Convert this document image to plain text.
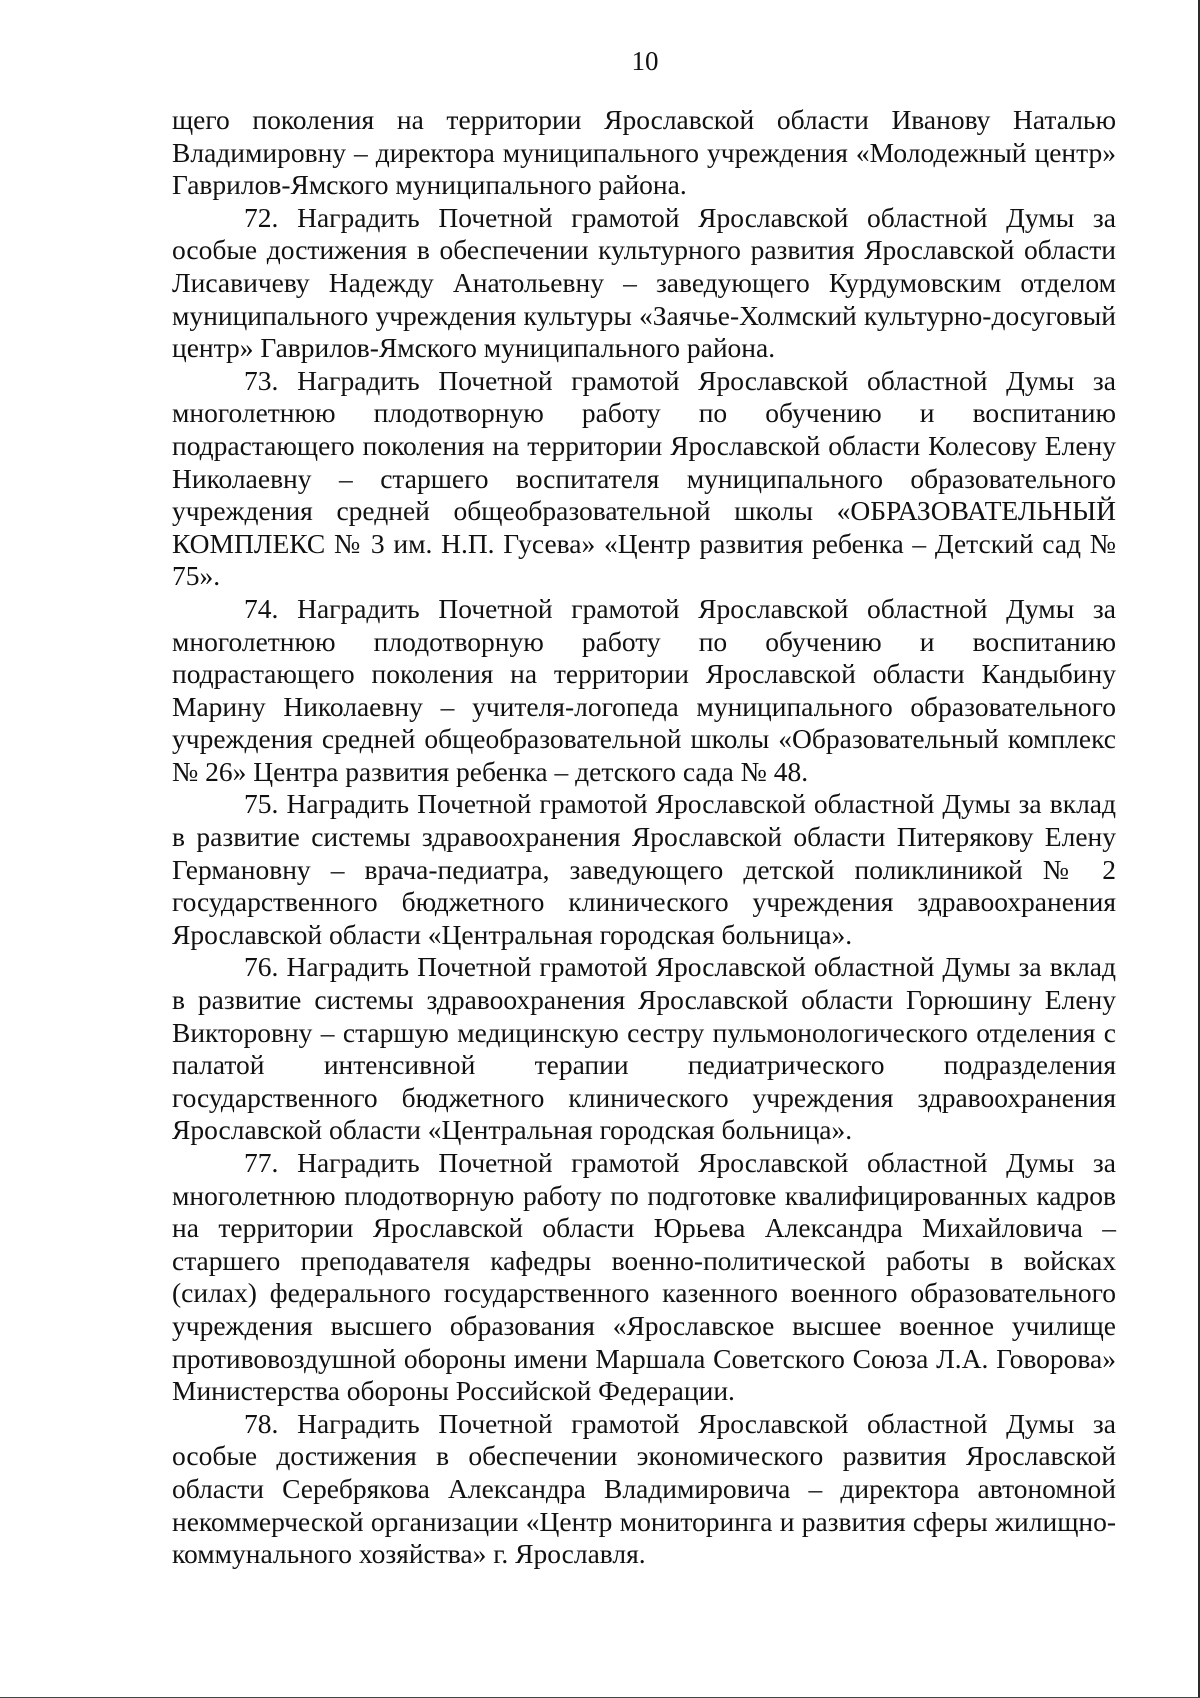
10

щего поколения на территории Ярославской области Иванову Наталью Владимировну – директора муниципального учреждения «Молодежный центр» Гаврилов-Ямского муниципального района.

72. Наградить Почетной грамотой Ярославской областной Думы за особые достижения в обеспечении культурного развития Ярославской области Лисавичеву Надежду Анатольевну – заведующего Курдумовским отделом муниципального учреждения культуры «Заячье-Холмский культурно-досуговый центр» Гаврилов-Ямского муниципального района.

73. Наградить Почетной грамотой Ярославской областной Думы за многолетнюю плодотворную работу по обучению и воспитанию подрастающего поколения на территории Ярославской области Колесову Елену Николаевну – старшего воспитателя муниципального образовательного учреждения средней общеобразовательной школы «ОБРАЗОВАТЕЛЬНЫЙ КОМПЛЕКС № 3 им. Н.П. Гусева» «Центр развития ребенка – Детский сад № 75».

74. Наградить Почетной грамотой Ярославской областной Думы за многолетнюю плодотворную работу по обучению и воспитанию подрастающего поколения на территории Ярославской области Кандыбину Марину Николаевну – учителя-логопеда муниципального образовательного учреждения средней общеобразовательной школы «Образовательный комплекс № 26» Центра развития ребенка – детского сада № 48.

75. Наградить Почетной грамотой Ярославской областной Думы за вклад в развитие системы здравоохранения Ярославской области Питерякову Елену Германовну – врача-педиатра, заведующего детской поликлиникой № 2 государственного бюджетного клинического учреждения здравоохранения Ярославской области «Центральная городская больница».

76. Наградить Почетной грамотой Ярославской областной Думы за вклад в развитие системы здравоохранения Ярославской области Горюшину Елену Викторовну – старшую медицинскую сестру пульмонологического отделения с палатой интенсивной терапии педиатрического подразделения государственного бюджетного клинического учреждения здравоохранения Ярославской области «Центральная городская больница».

77. Наградить Почетной грамотой Ярославской областной Думы за многолетнюю плодотворную работу по подготовке квалифицированных кадров на территории Ярославской области Юрьева Александра Михайловича – старшего преподавателя кафедры военно-политической работы в войсках (силах) федерального государственного казенного военного образовательного учреждения высшего образования «Ярославское высшее военное училище противовоздушной обороны имени Маршала Советского Союза Л.А. Говорова» Министерства обороны Российской Федерации.

78. Наградить Почетной грамотой Ярославской областной Думы за особые достижения в обеспечении экономического развития Ярославской области Серебрякова Александра Владимировича – директора автономной некоммерческой организации «Центр мониторинга и развития сферы жилищно-коммунального хозяйства» г. Ярославля.
